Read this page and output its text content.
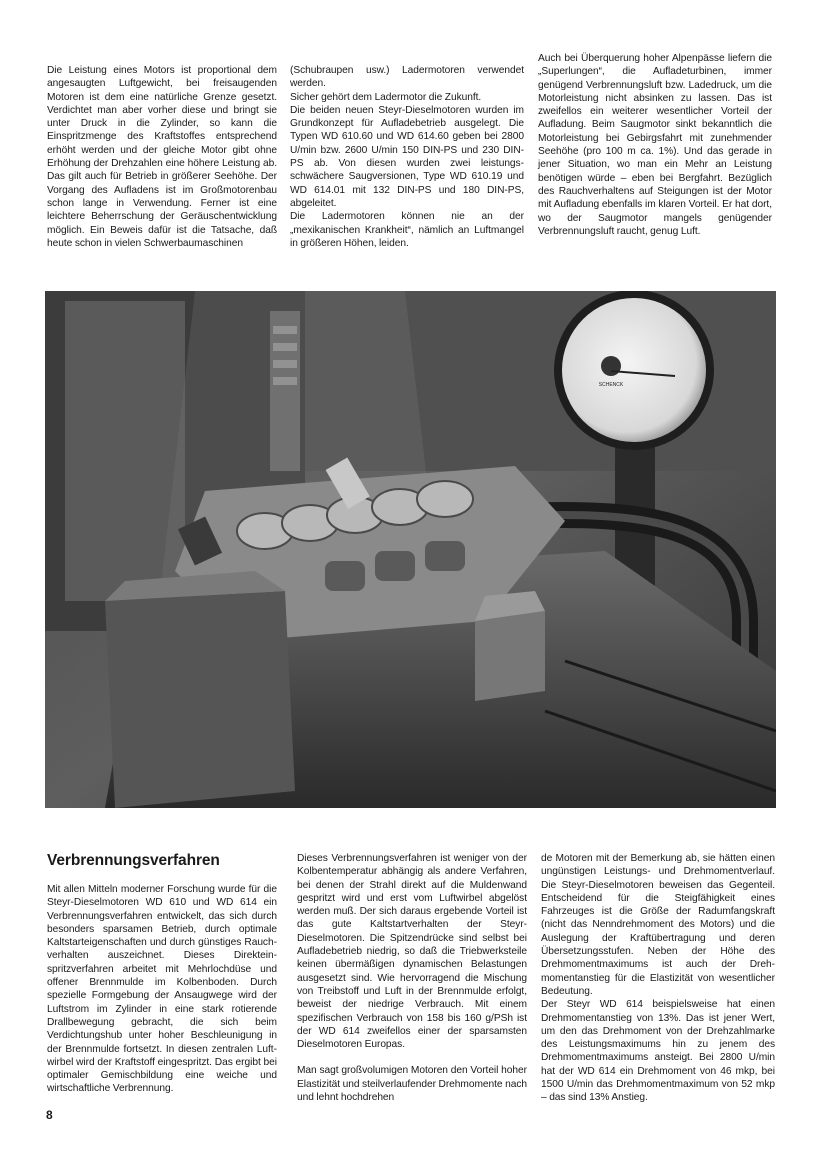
Die Leistung eines Motors ist proportional dem angesaugten Luftgewicht, bei freisaugenden Motoren ist dem eine natürliche Grenze gesetzt. Verdichtet man aber vorher diese und bringt sie unter Druck in die Zylinder, so kann die Einspritzmenge des Kraftstoffes entsprechend erhöht werden und der gleiche Motor gibt ohne Erhöhung der Drehzahlen eine höhere Leistung ab. Das gilt auch für Betrieb in größerer Seehöhe. Der Vorgang des Aufladens ist im Großmotorenbau schon lange in Verwendung. Ferner ist eine leichtere Beherrschung der Geräuschentwicklung möglich. Ein Beweis dafür ist die Tatsache, daß heute schon in vielen Schwerbaumaschinen

(Schubraupen usw.) Ladermotoren verwendet werden.

Sicher gehört dem Ladermotor die Zukunft.

Die beiden neuen Steyr-Dieselmotoren wurden im Grundkonzept für Aufladebetrieb ausgelegt. Die Typen WD 610.60 und WD 614.60 geben bei 2800 U/min bzw. 2600 U/min 150 DIN-PS und 230 DIN-PS ab. Von diesen wurden zwei leistungsschwächere Saugversionen, Type WD 610.19 und WD 614.01 mit 132 DIN-PS und 180 DIN-PS, abgeleitet.

Die Ladermotoren können nie an der „mexikanischen Krankheit“, nämlich an Luftmangel in größeren Höhen, leiden.

Auch bei Überquerung hoher Alpenpässe liefern die „Superlungen“, die Aufladeturbinen, immer genügend Verbrennungsluft bzw. Ladedruck, um die Motorleistung nicht absinken zu lassen. Das ist zweifellos ein weiterer wesentlicher Vorteil der Aufladung. Beim Saugmotor sinkt bekanntlich die Motorleistung bei Gebirgsfahrt mit zunehmender Seehöhe (pro 100 m ca. 1%). Und das gerade in jener Situation, wo man ein Mehr an Leistung benötigen würde – eben bei Bergfahrt. Bezüglich des Rauchverhaltens auf Steigungen ist der Motor mit Aufladung ebenfalls im klaren Vorteil. Er hat dort, wo der Saugmotor mangels genügender Verbrennungsluft raucht, genug Luft.

SCHENCK
Verbrennungsverfahren

Mit allen Mitteln moderner Forschung wurde für die Steyr-Dieselmotoren WD 610 und WD 614 ein Verbrennungsverfahren entwickelt, das sich durch besonders sparsamen Betrieb, durch optimale Kaltstarteigenschaften und durch günstiges Rauchverhalten auszeichnet. Dieses Direkteinspritzverfahren arbeitet mit Mehrlochdüse und offener Brennmulde im Kolbenboden. Durch spezielle Formgebung der Ansaugwege wird der Luftstrom im Zylinder in eine stark rotierende Drallbewegung gebracht, die sich beim Verdichtungshub unter hoher Beschleunigung in der Brennmulde fortsetzt. In diesen zentralen Luftwirbel wird der Kraftstoff eingespritzt. Das ergibt bei optimaler Gemischbildung eine weiche und wirtschaftliche Verbrennung.

Dieses Verbrennungsverfahren ist weniger von der Kolbentemperatur abhängig als andere Verfahren, bei denen der Strahl direkt auf die Muldenwand gespritzt wird und erst vom Luftwirbel abgelöst werden muß. Der sich daraus ergebende Vorteil ist das gute Kaltstartverhalten der Steyr-Dieselmotoren. Die Spitzendrücke sind selbst bei Aufladebetrieb niedrig, so daß die Triebwerksteile keinen übermäßigen dynamischen Belastungen ausgesetzt sind. Wie hervorragend die Mischung von Treibstoff und Luft in der Brennmulde erfolgt, beweist der niedrige Verbrauch. Mit einem spezifischen Verbrauch von 158 bis 160 g/PSh ist der WD 614 zweifellos einer der sparsamsten Dieselmotoren Europas.

Man sagt großvolumigen Motoren den Vorteil hoher Elastizität und steilverlaufender Drehmomente nach und lehnt hochdrehen

de Motoren mit der Bemerkung ab, sie hätten einen ungünstigen Leistungs- und Drehmomentverlauf. Die Steyr-Dieselmotoren beweisen das Gegenteil. Entscheidend für die Steigfähigkeit eines Fahrzeuges ist die Größe der Radumfangskraft (nicht das Nenndrehmoment des Motors) und die Auslegung der Kraftübertragung und deren Übersetzungsstufen. Neben der Höhe des Drehmomentmaximums ist auch der Drehmomentanstieg für die Elastizität von wesentlicher Bedeutung.

Der Steyr WD 614 beispielsweise hat einen Drehmomentanstieg von 13%. Das ist jener Wert, um den das Drehmoment von der Drehzahlmarke des Leistungsmaximums hin zu jenem des Drehmomentmaximums ansteigt. Bei 2800 U/min hat der WD 614 ein Drehmoment von 46 mkp, bei 1500 U/min das Drehmomentmaximum von 52 mkp – das sind 13% Anstieg.

8
